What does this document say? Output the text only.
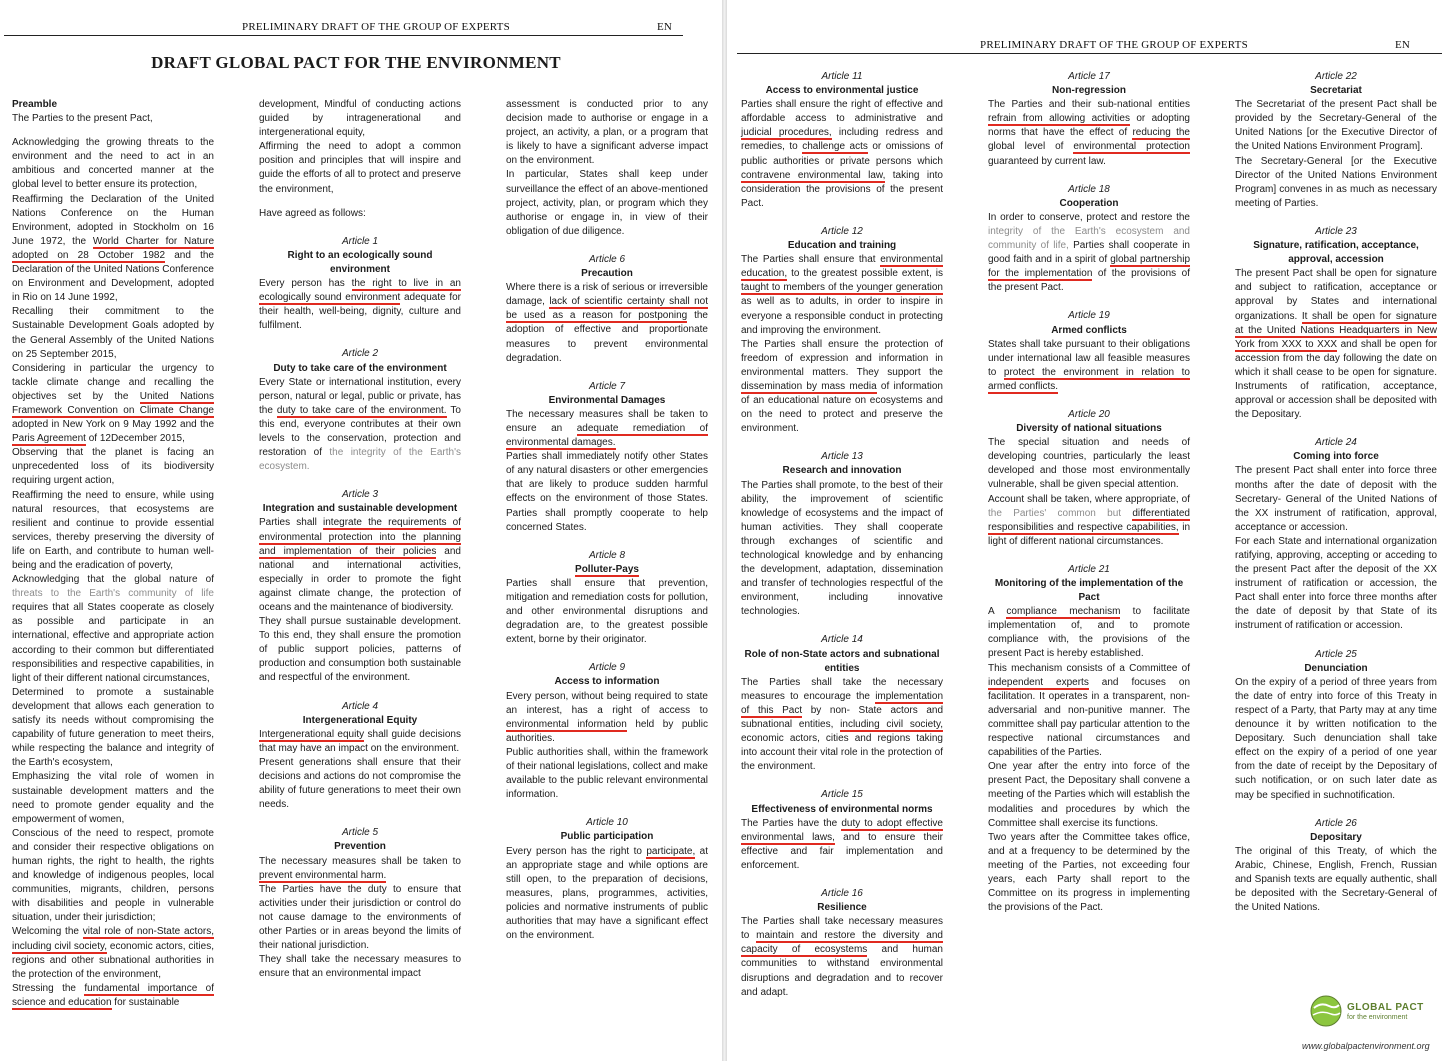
PRELIMINARY DRAFT OF THE GROUP OF EXPERTS	EN
DRAFT GLOBAL PACT FOR THE ENVIRONMENT

Preamble

The Parties to the present Pact,

Acknowledging the growing threats to the environment and the need to act in an ambitious and concerted manner at the global level to better ensure its protection,

Reaffirming the Declaration of the United Nations Conference on the Human Environment, adopted in Stockholm on 16 June 1972, the World Charter for Nature adopted on 28 October 1982 and the Declaration of the United Nations Conference on Environment and Development, adopted in Rio on 14 June 1992,

Recalling their commitment to the Sustainable Development Goals adopted by the General Assembly of the United Nations on 25 September 2015,

Considering in particular the urgency to tackle climate change and recalling the objectives set by the United Nations Framework Convention on Climate Change adopted in New York on 9 May 1992 and the Paris Agreement of 12December 2015,

Observing that the planet is facing an unprecedented loss of its biodiversity requiring urgent action,

Reaffirming the need to ensure, while using natural resources, that ecosystems are resilient and continue to provide essential services, thereby preserving the diversity of life on Earth, and contribute to human well-being and the eradication of poverty,

Acknowledging that the global nature of threats to the Earth's community of life requires that all States cooperate as closely as possible and participate in an international, effective and appropriate action according to their common but differentiated responsibilities and respective capabilities, in light of their different national circumstances,

Determined to promote a sustainable development that allows each generation to satisfy its needs without compromising the capability of future generation to meet theirs, while respecting the balance and integrity of the Earth's ecosystem,

Emphasizing the vital role of women in sustainable development matters and the need to promote gender equality and the empowerment of women,

Conscious of the need to respect, promote and consider their respective obligations on human rights, the right to health, the rights and knowledge of indigenous peoples, local communities, migrants, children, persons with disabilities and people in vulnerable situation, under their jurisdiction;

Welcoming the vital role of non-State actors, including civil society, economic actors, cities, regions and other subnational authorities in the protection of the environment,

Stressing the fundamental importance of science and education for sustainable

development, Mindful of conducting actions guided by intragenerational and intergenerational equity,

Affirming the need to adopt a common position and principles that will inspire and guide the efforts of all to protect and preserve the environment,

Have agreed as follows:

Article 1

Right to an ecologically sound environment

Every person has the right to live in an ecologically sound environment adequate for their health, well-being, dignity, culture and fulfilment.

Article 2

Duty to take care of the environment

Every State or international institution, every person, natural or legal, public or private, has the duty to take care of the environment. To this end, everyone contributes at their own levels to the conservation, protection and restoration of the integrity of the Earth's ecosystem.

Article 3

Integration and sustainable development

Parties shall integrate the requirements of environmental protection into the planning and implementation of their policies and national and international activities, especially in order to promote the fight against climate change, the protection of oceans and the maintenance of biodiversity.

They shall pursue sustainable development. To this end, they shall ensure the promotion of public support policies, patterns of production and consumption both sustainable and respectful of the environment.

Article 4

Intergenerational Equity

Intergenerational equity shall guide decisions that may have an impact on the environment.

Present generations shall ensure that their decisions and actions do not compromise the ability of future generations to meet their own needs.

Article 5

Prevention

The necessary measures shall be taken to prevent environmental harm.

The Parties have the duty to ensure that activities under their jurisdiction or control do not cause damage to the environments of other Parties or in areas beyond the limits of their national jurisdiction.

They shall take the necessary measures to ensure that an environmental impact

assessment is conducted prior to any decision made to authorise or engage in a project, an activity, a plan, or a program that is likely to have a significant adverse impact on the environment.

In particular, States shall keep under surveillance the effect of an above-mentioned project, activity, plan, or program which they authorise or engage in, in view of their obligation of due diligence.

Article 6

Precaution

Where there is a risk of serious or irreversible damage, lack of scientific certainty shall not be used as a reason for postponing the adoption of effective and proportionate measures to prevent environmental degradation.

Article 7

Environmental Damages

The necessary measures shall be taken to ensure an adequate remediation of environmental damages.

Parties shall immediately notify other States of any natural disasters or other emergencies that are likely to produce sudden harmful effects on the environment of those States. Parties shall promptly cooperate to help concerned States.

Article 8

Polluter-Pays

Parties shall ensure that prevention, mitigation and remediation costs for pollution, and other environmental disruptions and degradation are, to the greatest possible extent, borne by their originator.

Article 9

Access to information

Every person, without being required to state an interest, has a right of access to environmental information held by public authorities.

Public authorities shall, within the framework of their national legislations, collect and make available to the public relevant environmental information.

Article 10

Public participation

Every person has the right to participate, at an appropriate stage and while options are still open, to the preparation of decisions, measures, plans, programmes, activities, policies and normative instruments of public authorities that may have a significant effect on the environment.

PRELIMINARY DRAFT OF THE GROUP OF EXPERTS	EN

Article 11

Access to environmental justice

Parties shall ensure the right of effective and affordable access to administrative and judicial procedures, including redress and remedies, to challenge acts or omissions of public authorities or private persons which contravene environmental law, taking into consideration the provisions of the present Pact.

Article 12

Education and training

The Parties shall ensure that environmental education, to the greatest possible extent, is taught to members of the younger generation as well as to adults, in order to inspire in everyone a responsible conduct in protecting and improving the environment.

The Parties shall ensure the protection of freedom of expression and information in environmental matters. They support the dissemination by mass media of information of an educational nature on ecosystems and on the need to protect and preserve the environment.

Article 13

Research and innovation

The Parties shall promote, to the best of their ability, the improvement of scientific knowledge of ecosystems and the impact of human activities. They shall cooperate through exchanges of scientific and technological knowledge and by enhancing the development, adaptation, dissemination and transfer of technologies respectful of the environment, including innovative technologies.

Article 14

Role of non-State actors and subnational entities

The Parties shall take the necessary measures to encourage the implementation of this Pact by non- State actors and subnational entities, including civil society, economic actors, cities and regions taking into account their vital role in the protection of the environment.

Article 15

Effectiveness of environmental norms

The Parties have the duty to adopt effective environmental laws, and to ensure their effective and fair implementation and enforcement.

Article 16

Resilience

The Parties shall take necessary measures to maintain and restore the diversity and capacity of ecosystems and human communities to withstand environmental disruptions and degradation and to recover and adapt.

Article 17

Non-regression

The Parties and their sub-national entities refrain from allowing activities or adopting norms that have the effect of reducing the global level of environmental protection guaranteed by current law.

Article 18

Cooperation

In order to conserve, protect and restore the integrity of the Earth's ecosystem and community of life, Parties shall cooperate in good faith and in a spirit of global partnership for the implementation of the provisions of the present Pact.

Article 19

Armed conflicts

States shall take pursuant to their obligations under international law all feasible measures to protect the environment in relation to armed conflicts.

Article 20

Diversity of national situations

The special situation and needs of developing countries, particularly the least developed and those most environmentally vulnerable, shall be given special attention.

Account shall be taken, where appropriate, of the Parties' common but differentiated responsibilities and respective capabilities, in light of different national circumstances.

Article 21

Monitoring of the implementation of the Pact

A compliance mechanism to facilitate implementation of, and to promote compliance with, the provisions of the present Pact is hereby established.

This mechanism consists of a Committee of independent experts and focuses on facilitation. It operates in a transparent, non-adversarial and non-punitive manner. The committee shall pay particular attention to the respective national circumstances and capabilities of the Parties.

One year after the entry into force of the present Pact, the Depositary shall convene a meeting of the Parties which will establish the modalities and procedures by which the Committee shall exercise its functions.

Two years after the Committee takes office, and at a frequency to be determined by the meeting of the Parties, not exceeding four years, each Party shall report to the Committee on its progress in implementing the provisions of the Pact.

Article 22

Secretariat

The Secretariat of the present Pact shall be provided by the Secretary-General of the United Nations [or the Executive Director of the United Nations Environment Program].

The Secretary-General [or the Executive Director of the United Nations Environment Program] convenes in as much as necessary meeting of Parties.

Article 23

Signature, ratification, acceptance, approval, accession

The present Pact shall be open for signature and subject to ratification, acceptance or approval by States and international organizations. It shall be open for signature at the United Nations Headquarters in New York from XXX to XXX and shall be open for accession from the day following the date on which it shall cease to be open for signature. Instruments of ratification, acceptance, approval or accession shall be deposited with the Depositary.

Article 24

Coming into force

The present Pact shall enter into force three months after the date of deposit with the Secretary- General of the United Nations of the XX instrument of ratification, approval, acceptance or accession.

For each State and international organization ratifying, approving, accepting or acceding to the present Pact after the deposit of the XX instrument of ratification or accession, the Pact shall enter into force three months after the date of deposit by that State of its instrument of ratification or accession.

Article 25

Denunciation

On the expiry of a period of three years from the date of entry into force of this Treaty in respect of a Party, that Party may at any time denounce it by written notification to the Depositary. Such denunciation shall take effect on the expiry of a period of one year from the date of receipt by the Depositary of such notification, or on such later date as may be specified in suchnotification.

Article 26

Depositary

The original of this Treaty, of which the Arabic, Chinese, English, French, Russian and Spanish texts are equally authentic, shall be deposited with the Secretary-General of the United Nations.

GLOBAL PACT
for the environment
www.globalpactenvironment.org
